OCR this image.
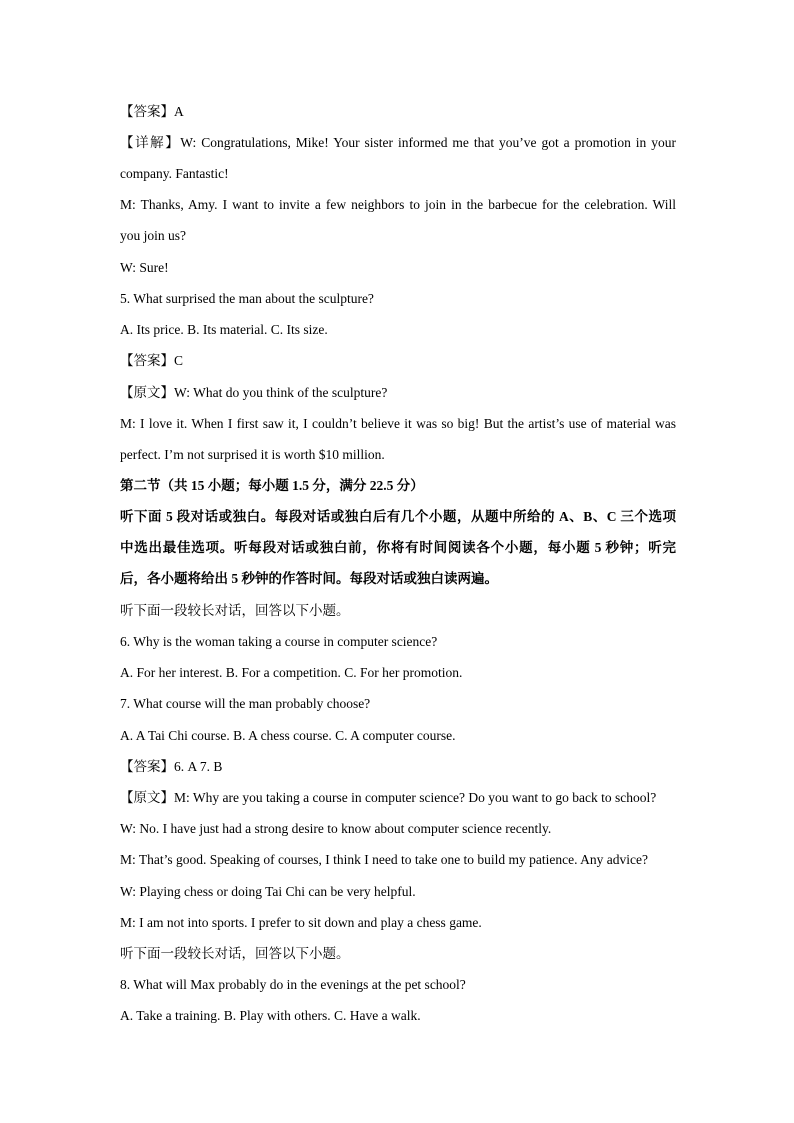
【答案】A
【详解】W: Congratulations, Mike! Your sister informed me that you’ve got a promotion in your
company. Fantastic!
M: Thanks, Amy. I want to invite a few neighbors to join in the barbecue for the celebration. Will
you join us?
W: Sure!
5. What surprised the man about the sculpture?
A. Its price. B. Its material. C. Its size.
【答案】C
【原文】W: What do you think of the sculpture?
M: I love it. When I first saw it, I couldn’t believe it was so big! But the artist’s use of material was
perfect. I’m not surprised it is worth $10 million.
第二节（共 15 小题；每小题 1.5 分，满分 22.5 分）
听下面 5 段对话或独白。每段对话或独白后有几个小题，从题中所给的 A、B、C 三个选项
中选出最佳选项。听每段对话或独白前，你将有时间阅读各个小题，每小题 5 秒钟；听完
后，各小题将给出 5 秒钟的作答时间。每段对话或独白读两遍。
听下面一段较长对话，回答以下小题。
6. Why is the woman taking a course in computer science?
A. For her interest. B. For a competition. C. For her promotion.
7. What course will the man probably choose?
A. A Tai Chi course. B. A chess course. C. A computer course.
【答案】6. A 7. B
【原文】M: Why are you taking a course in computer science? Do you want to go back to school?
W: No. I have just had a strong desire to know about computer science recently.
M: That’s good. Speaking of courses, I think I need to take one to build my patience. Any advice?
W: Playing chess or doing Tai Chi can be very helpful.
M: I am not into sports. I prefer to sit down and play a chess game.
听下面一段较长对话，回答以下小题。
8. What will Max probably do in the evenings at the pet school?
A. Take a training. B. Play with others. C. Have a walk.
